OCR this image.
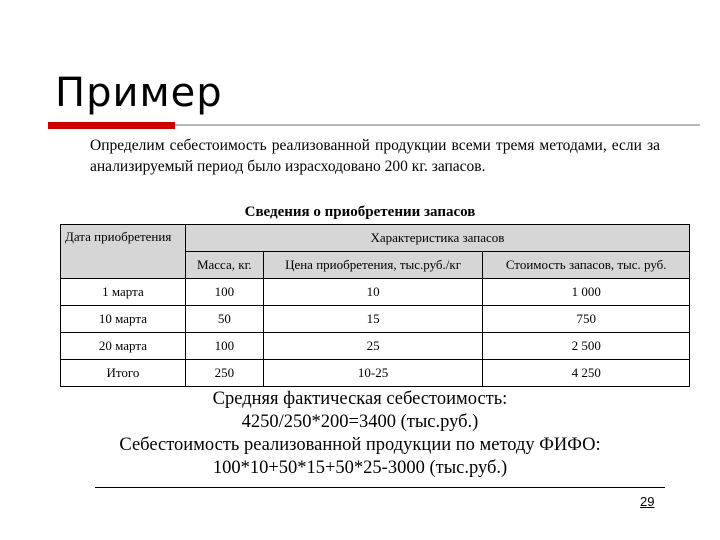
Пример
Определим себестоимость реализованной продукции всеми тремя методами, если за анализируемый период было израсходовано 200 кг. запасов.
Сведения о приобретении запасов
Дата приобретения	Характеристика запасов		
	Масса, кг.	Цена приобретения, тыс.руб./кг	Стоимость запасов, тыс. руб.
1 марта	100	10	1 000
10 марта	50	15	750
20 марта	100	25	2 500
Итого	250	10-25	4 250
Средняя фактическая себестоимость:
4250/250*200=3400 (тыс.руб.)
Себестоимость реализованной продукции по методу ФИФО:
100*10+50*15+50*25-3000 (тыс.руб.)
29
